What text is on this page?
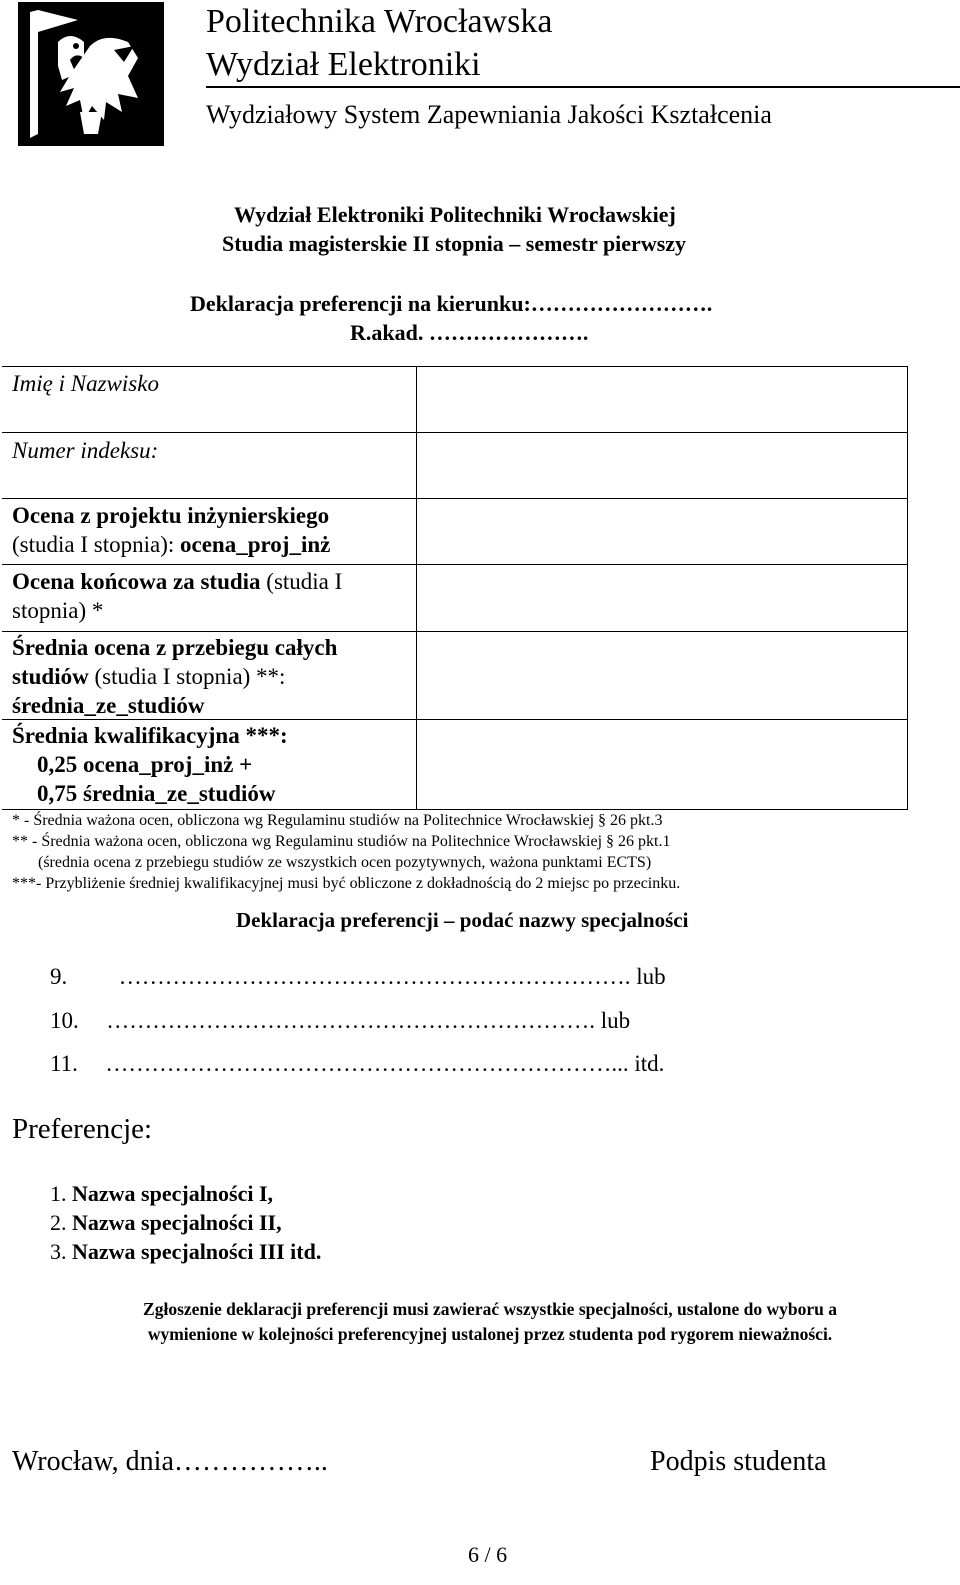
Politechnika Wrocławska
Wydział Elektroniki
Wydziałowy System Zapewniania Jakości Kształcenia
Wydział Elektroniki Politechniki Wrocławskiej
Studia magisterskie II stopnia – semestr pierwszy
Deklaracja preferencji na kierunku:…………………….
R.akad. ………………….
Imię i Nazwisko
Numer indeksu:
Ocena z projektu inżynierskiego
(studia I stopnia): ocena_proj_inż
Ocena końcowa za studia (studia I
stopnia) *
Średnia ocena z przebiegu całych
studiów (studia I stopnia) **:
średnia_ze_studiów
Średnia kwalifikacyjna ***:
0,25 ocena_proj_inż +
0,75 średnia_ze_studiów
* - Średnia ważona ocen, obliczona wg Regulaminu studiów na Politechnice Wrocławskiej § 26 pkt.3
** - Średnia ważona ocen, obliczona wg Regulaminu studiów na Politechnice Wrocławskiej § 26 pkt.1
(średnia ocena z przebiegu studiów ze wszystkich ocen pozytywnych, ważona punktami ECTS)
***- Przybliżenie średniej kwalifikacyjnej musi być obliczone z dokładnością do 2 miejsc po przecinku.
Deklaracja preferencji – podać nazwy specjalności
9. …………………………………………………………. lub
10. ………………………………………………………. lub
11. …………………………………………………………... itd.
Preferencje:
1. Nazwa specjalności I,
2. Nazwa specjalności II,
3. Nazwa specjalności III itd.
Zgłoszenie deklaracji preferencji musi zawierać wszystkie specjalności, ustalone do wyboru a
wymienione w kolejności preferencyjnej ustalonej przez studenta pod rygorem nieważności.
Wrocław, dnia……………..	Podpis studenta
6 / 6
